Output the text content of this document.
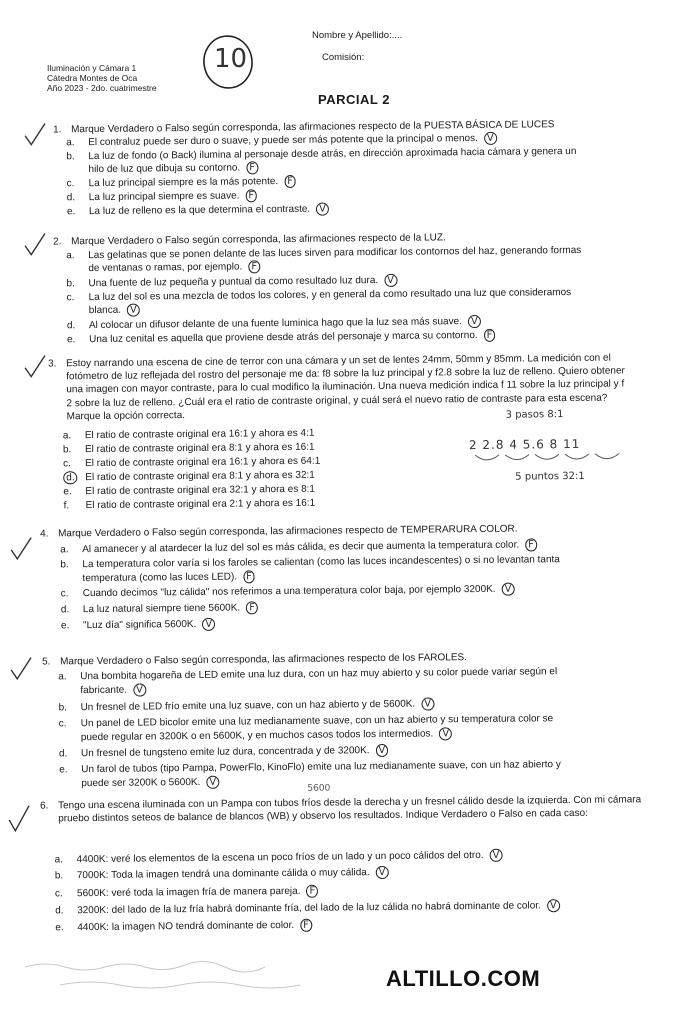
Nombre y Apellido:....
Comisión:
Iluminación y Cámara 1
Cátedra Montes de Oca
Año 2023 - 2do. cuatrimestre
10
PARCIAL 2
1. Marque Verdadero o Falso según corresponda, las afirmaciones respecto de la PUESTA BÁSICA DE LUCES
a. El contraluz puede ser duro o suave, y puede ser más potente que la principal o menos. V
b. La luz de fondo (o Back) ilumina al personaje desde atrás, en dirección aproximada hacia cámara y genera un
hilo de luz que dibuja su contorno. F
c. La luz principal siempre es la más potente. F
d. La luz principal siempre es suave. F
e. La luz de relleno es la que determina el contraste. V
2. Marque Verdadero o Falso según corresponda, las afirmaciones respecto de la LUZ.
a. Las gelatinas que se ponen delante de las luces sirven para modificar los contornos del haz, generando formas
de ventanas o ramas, por ejemplo. F
b. Una fuente de luz pequeña y puntual da como resultado luz dura. V
c. La luz del sol es una mezcla de todos los colores, y en general da como resultado una luz que consideramos
blanca. V
d. Al colocar un difusor delante de una fuente luminica hago que la luz sea más suave. V
e. Una luz cenital es aquella que proviene desde atrás del personaje y marca su contorno. F
3. Estoy narrando una escena de cine de terror con una cámara y un set de lentes 24mm, 50mm y 85mm. La medición con el fotómetro de luz reflejada del rostro del personaje me da: f8 sobre la luz principal y f2.8 sobre la luz de relleno. Quiero obtener una imagen con mayor contraste, para lo cual modifico la iluminación. Una nueva medición indica f 11 sobre la luz principal y f 2 sobre la luz de relleno. ¿Cuál era el ratio de contraste original, y cuál será el nuevo ratio de contraste para esta escena? Marque la opción correcta.
a. El ratio de contraste original era 16:1 y ahora es 4:1
b. El ratio de contraste original era 8:1 y ahora es 16:1
c. El ratio de contraste original era 16:1 y ahora es 64:1
d.	El ratio de contraste original era 8:1 y ahora es 32:1
e. El ratio de contraste original era 32:1 y ahora es 8:1
f. El ratio de contraste original era 2:1 y ahora es 16:1
3 pasos 8:1
2 2.8 4 5.6 8 11
5 puntos 32:1
4. Marque Verdadero o Falso según corresponda, las afirmaciones respecto de TEMPERARURA COLOR.
a. Al amanecer y al atardecer la luz del sol es más cálida, es decir que aumenta la temperatura color. F
b. La temperatura color varía si los faroles se calientan (como las luces incandescentes) o si no levantan tanta
temperatura (como las luces LED). F
c. Cuando decimos "luz cálida" nos referimos a una temperatura color baja, por ejemplo 3200K. V
d. La luz natural siempre tiene 5600K. F
e. "Luz día" significa 5600K. V
5. Marque Verdadero o Falso según corresponda, las afirmaciones respecto de los FAROLES.
a. Una bombita hogareña de LED emite una luz dura, con un haz muy abierto y su color puede variar según el
fabricante. V
b. Un fresnel de LED frío emite una luz suave, con un haz abierto y de 5600K. V
c. Un panel de LED bicolor emite una luz medianamente suave, con un haz abierto y su temperatura color se
puede regular en 3200K o en 5600K, y en muchos casos todos los intermedios. V
d. Un fresnel de tungsteno emite luz dura, concentrada y de 3200K. V
e. Un farol de tubos (tipo Pampa, PowerFlo, KinoFlo) emite una luz medianamente suave, con un haz abierto y
puede ser 3200K o 5600K. V
5600
6. Tengo una escena iluminada con un Pampa con tubos fríos desde la derecha y un fresnel cálido desde la izquierda. Con mi cámara pruebo distintos seteos de balance de blancos (WB) y observo los resultados. Indique Verdadero o Falso en cada caso:
a. 4400K: veré los elementos de la escena un poco fríos de un lado y un poco cálidos del otro. V
b. 7000K: Toda la imagen tendrá una dominante cálida o muy cálida. V
c. 5600K: veré toda la imagen fría de manera pareja. F
d. 3200K: del lado de la luz fría habrá dominante fría, del lado de la luz cálida no habrá dominante de color. V
e. 4400K: la imagen NO tendrá dominante de color. F
ALTILLO.COM
